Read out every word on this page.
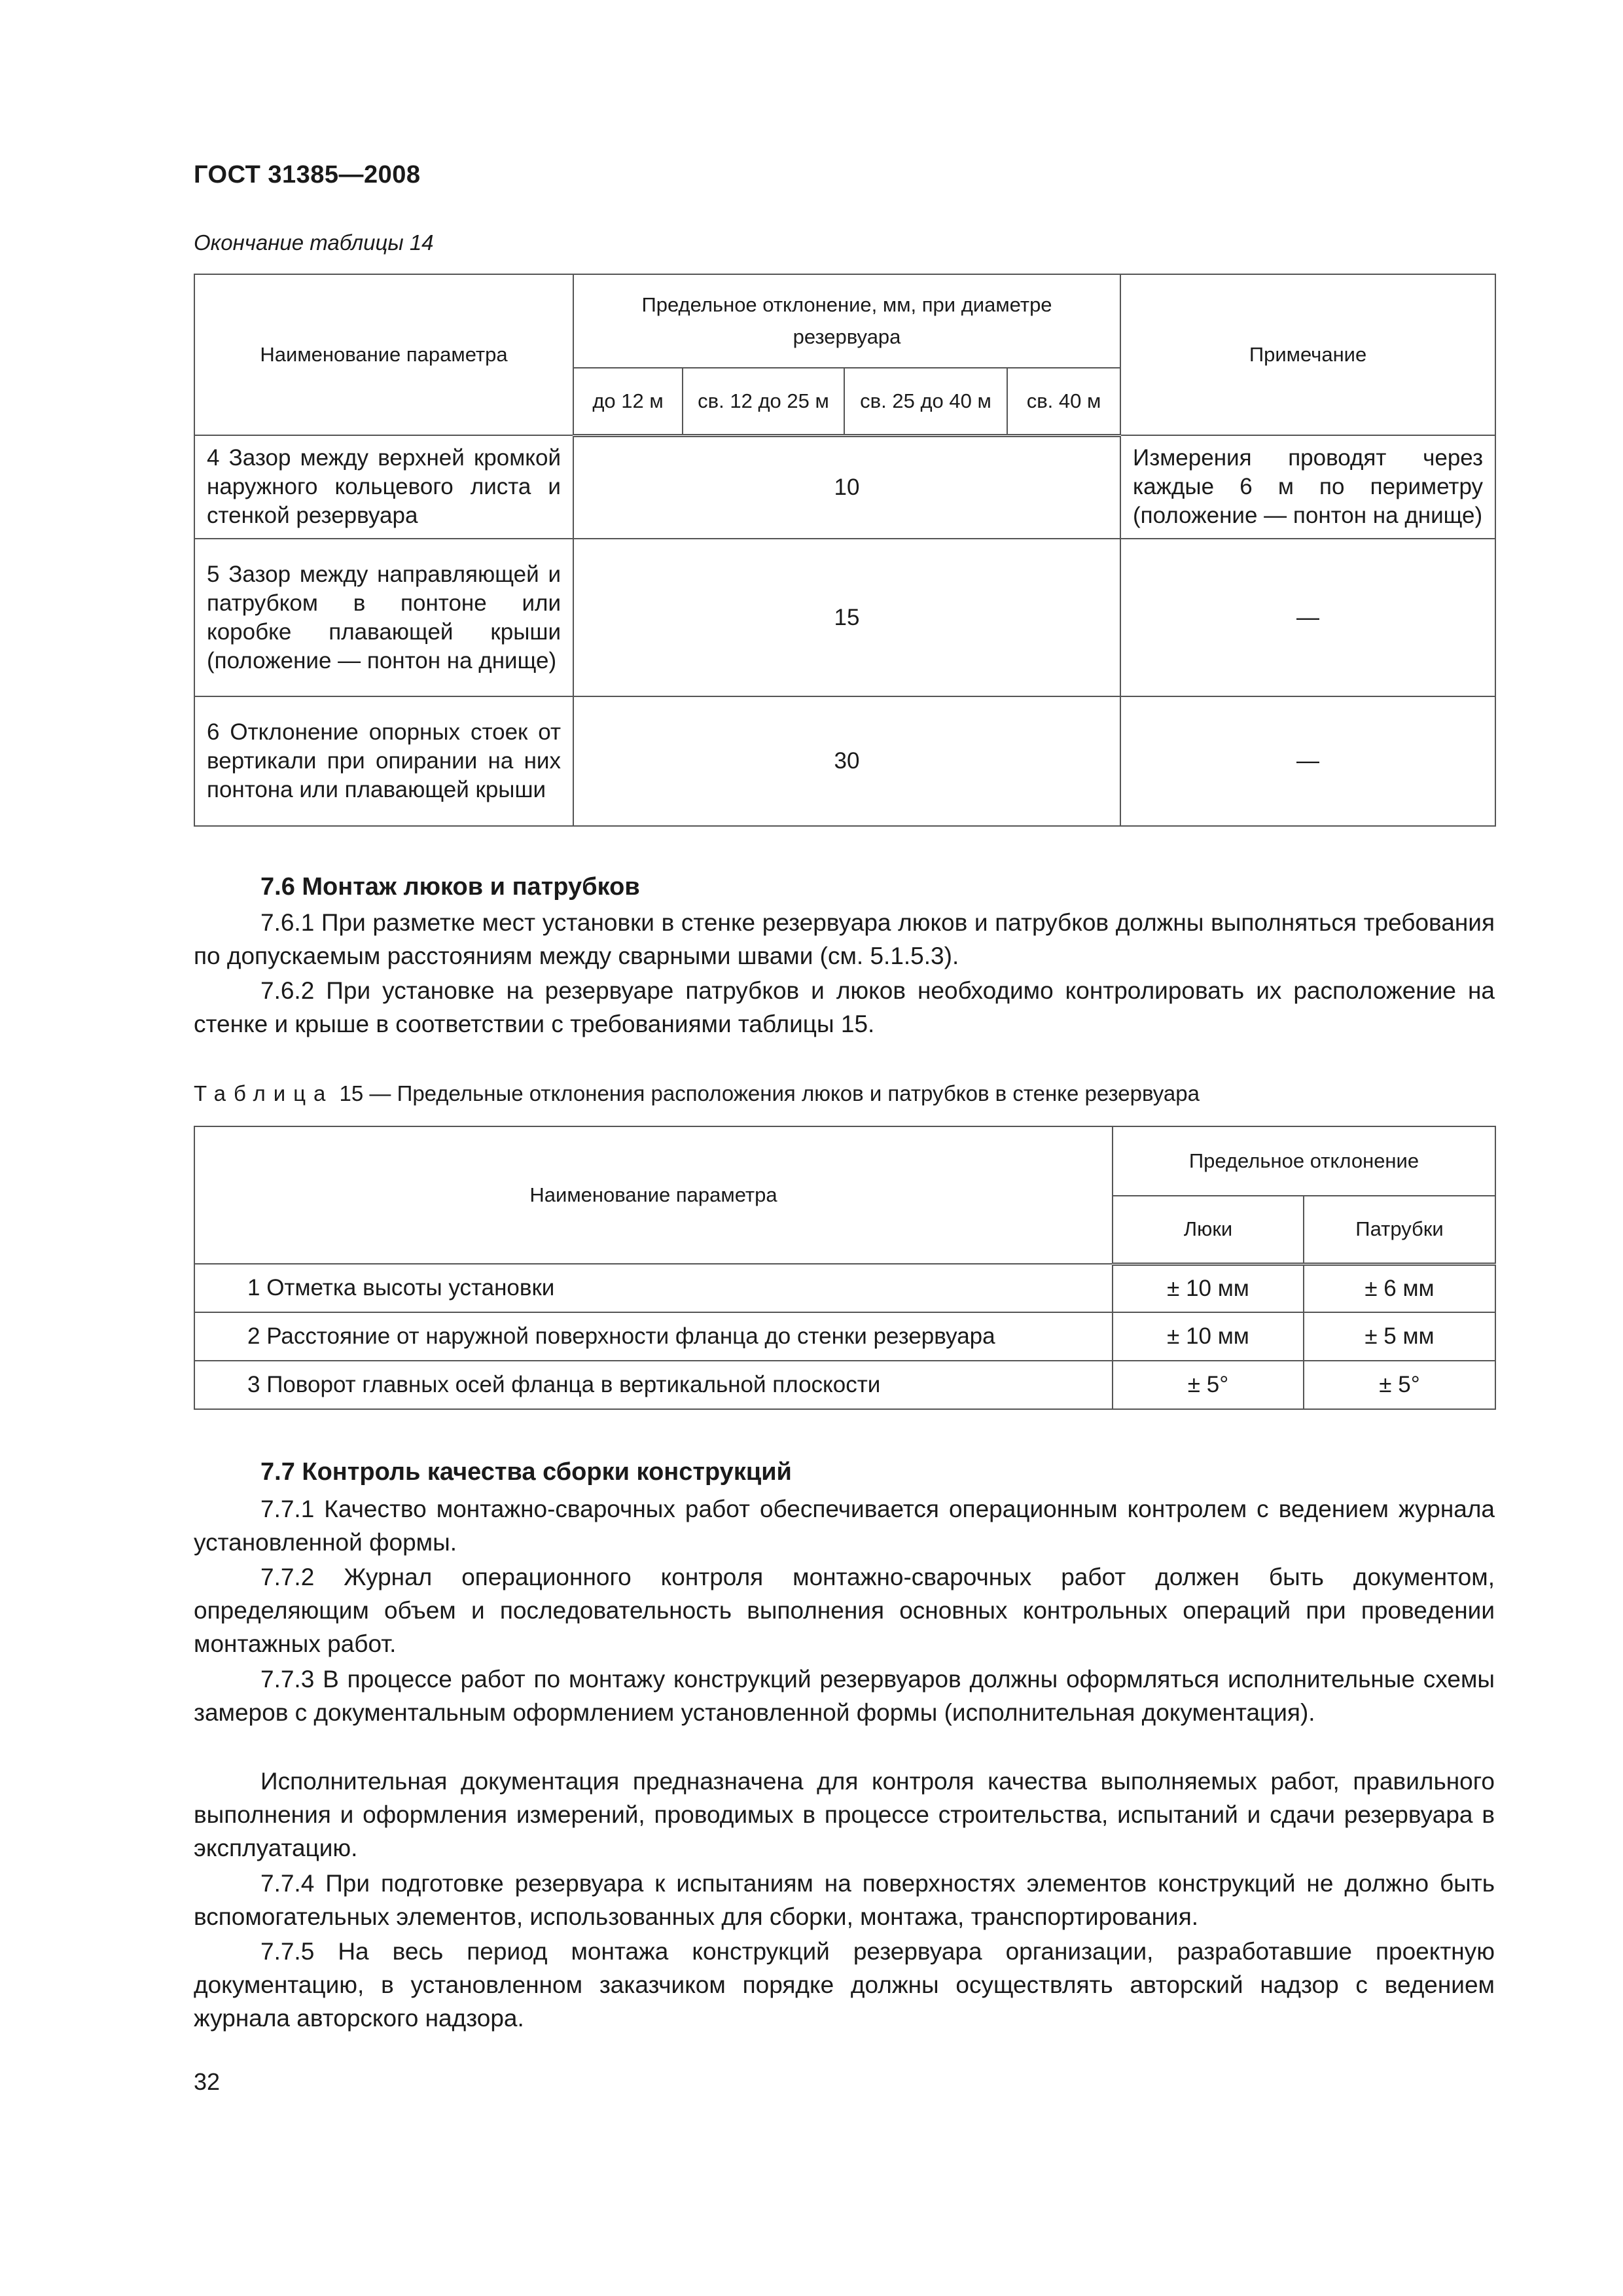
ГОСТ 31385—2008
Окончание таблицы 14
Наименование параметра	Предельное отклонение, мм, при диаметре резервуара				Примечание
	до 12 м	св. 12 до 25 м	св. 25 до 40 м	св. 40 м	
4 Зазор между верхней кромкой наружного кольцевого листа и стенкой резервуара	10				Измерения проводят через каждые 6 м по периметру (положение — понтон на днище)
5 Зазор между направляющей и патрубком в понтоне или коробке плавающей крыши (положение — понтон на днище)	15				—
6 Отклонение опорных стоек от вертикали при опирании на них понтона или плавающей крыши	30				—
7.6 Монтаж люков и патрубков
7.6.1 При разметке мест установки в стенке резервуара люков и патрубков должны выполняться требования по допускаемым расстояниям между сварными швами (см. 5.1.5.3).
7.6.2 При установке на резервуаре патрубков и люков необходимо контролировать их расположение на стенке и крыше в соответствии с требованиями таблицы 15.
Таблица 15 — Предельные отклонения расположения люков и патрубков в стенке резервуара
Наименование параметра	Предельное отклонение	
	Люки	Патрубки
1 Отметка высоты установки	± 10 мм	± 6 мм
2 Расстояние от наружной поверхности фланца до стенки резервуара	± 10 мм	± 5 мм
3 Поворот главных осей фланца в вертикальной плоскости	± 5°	± 5°
7.7 Контроль качества сборки конструкций
7.7.1 Качество монтажно-сварочных работ обеспечивается операционным контролем с ведением журнала установленной формы.
7.7.2 Журнал операционного контроля монтажно-сварочных работ должен быть документом, определяющим объем и последовательность выполнения основных контрольных операций при проведении монтажных работ.
7.7.3 В процессе работ по монтажу конструкций резервуаров должны оформляться исполнительные схемы замеров с документальным оформлением установленной формы (исполнительная документация).
Исполнительная документация предназначена для контроля качества выполняемых работ, правильного выполнения и оформления измерений, проводимых в процессе строительства, испытаний и сдачи резервуара в эксплуатацию.
7.7.4 При подготовке резервуара к испытаниям на поверхностях элементов конструкций не должно быть вспомогательных элементов, использованных для сборки, монтажа, транспортирования.
7.7.5 На весь период монтажа конструкций резервуара организации, разработавшие проектную документацию, в установленном заказчиком порядке должны осуществлять авторский надзор с ведением журнала авторского надзора.
32
